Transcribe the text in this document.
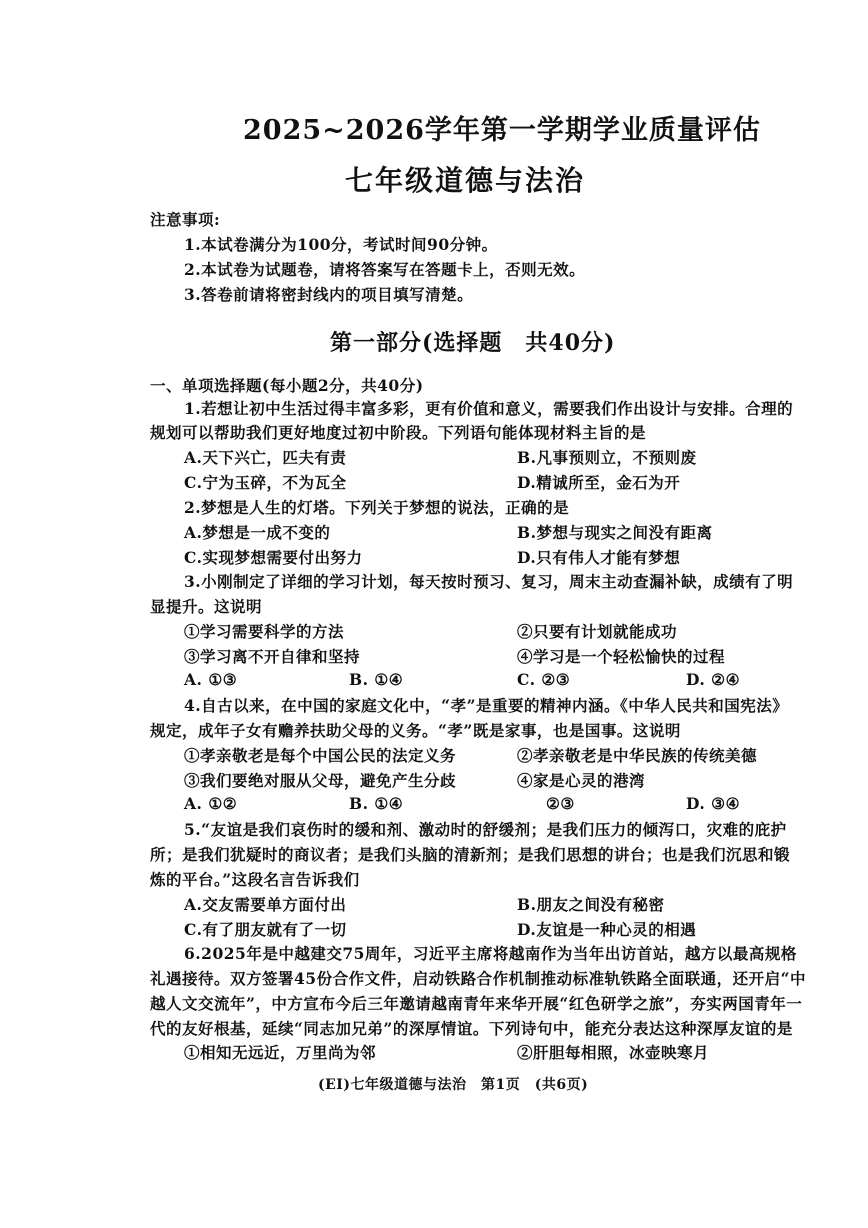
2025~2026学年第一学期学业质量评估
七年级道德与法治
注意事项:
1.本试卷满分为100分，考试时间90分钟。
2.本试卷为试题卷，请将答案写在答题卡上，否则无效。
3.答卷前请将密封线内的项目填写清楚。
第一部分(选择题　共40分)
一、单项选择题(每小题2分，共40分)
1.若想让初中生活过得丰富多彩，更有价值和意义，需要我们作出设计与安排。合理的
规划可以帮助我们更好地度过初中阶段。下列语句能体现材料主旨的是
A.天下兴亡，匹夫有责	B.凡事预则立，不预则废
C.宁为玉碎，不为瓦全	D.精诚所至，金石为开
2.梦想是人生的灯塔。下列关于梦想的说法，正确的是
A.梦想是一成不变的	B.梦想与现实之间没有距离
C.实现梦想需要付出努力	D.只有伟人才能有梦想
3.小刚制定了详细的学习计划，每天按时预习、复习，周末主动查漏补缺，成绩有了明
显提升。这说明
①学习需要科学的方法	②只要有计划就能成功
③学习离不开自律和坚持	④学习是一个轻松愉快的过程
A. ①③	B. ①④	C. ②③	D. ②④
4.自古以来，在中国的家庭文化中，“孝”是重要的精神内涵。《中华人民共和国宪法》
规定，成年子女有赡养扶助父母的义务。“孝”既是家事，也是国事。这说明
①孝亲敬老是每个中国公民的法定义务	②孝亲敬老是中华民族的传统美德
③我们要绝对服从父母，避免产生分歧	④家是心灵的港湾
A. ①②	B. ①④	②③	D. ③④
5.“友谊是我们哀伤时的缓和剂、激动时的舒缓剂；是我们压力的倾泻口，灾难的庇护
所；是我们犹疑时的商议者；是我们头脑的清新剂；是我们思想的讲台；也是我们沉思和锻
炼的平台。”这段名言告诉我们
A.交友需要单方面付出	B.朋友之间没有秘密
C.有了朋友就有了一切	D.友谊是一种心灵的相遇
6.2025年是中越建交75周年，习近平主席将越南作为当年出访首站，越方以最高规格
礼遇接待。双方签署45份合作文件，启动铁路合作机制推动标准轨铁路全面联通，还开启“中
越人文交流年”，中方宣布今后三年邀请越南青年来华开展“红色研学之旅”，夯实两国青年一
代的友好根基，延续“同志加兄弟”的深厚情谊。下列诗句中，能充分表达这种深厚友谊的是
①相知无远近，万里尚为邻	②肝胆每相照，冰壶映寒月
(EI)七年级道德与法治　第1页　(共6页)
